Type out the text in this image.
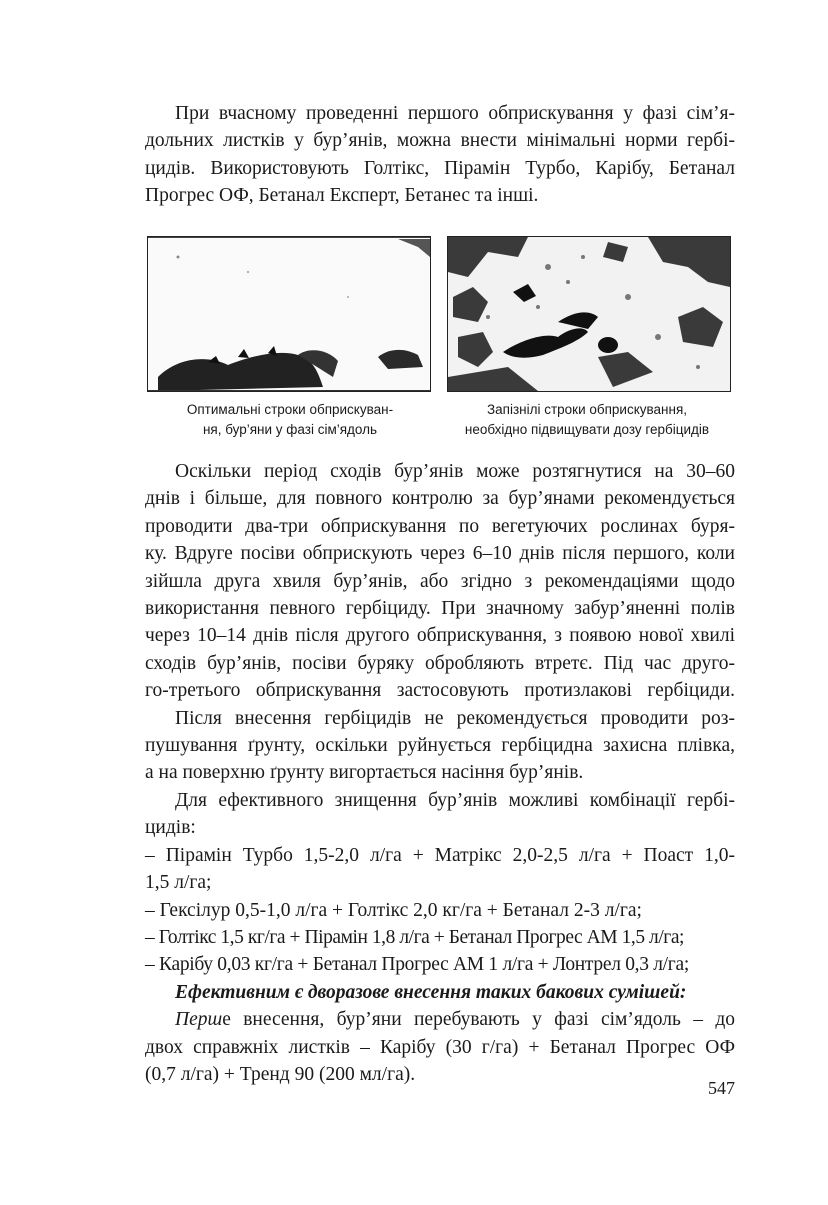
При вчасному проведенні першого обприскування у фазі сім’я-

дольних листків у бур’янів, можна внести мінімальні норми гербі-

цидів. Використовують Голтікс, Пірамін Турбо, Карібу, Бетанал

Прогрес ОФ, Бетанал Експерт, Бетанес та інші.

Оптимальні строки обприскуван-
ня, бур’яни у фазі сім’ядоль
Запізнілі строки обприскування,
необхідно підвищувати дозу гербіцидів

Оскільки період сходів бур’янів може розтягнутися на 30–60

днів і більше, для повного контролю за бур’янами рекомендується

проводити два-три обприскування по вегетуючих рослинах буря-

ку. Вдруге посіви обприскують через 6–10 днів після першого, коли

зійшла друга хвиля бур’янів, або згідно з рекомендаціями щодо

використання певного гербіциду. При значному забур’яненні полів

через 10–14 днів після другого обприскування, з появою нової хвилі

сходів бур’янів, посіви буряку обробляють втретє. Під час друго-

го-третього обприскування застосовують протизлакові гербіциди.

Після внесення гербіцидів не рекомендується проводити роз-

пушування ґрунту, оскільки руйнується гербіцидна захисна плівка,

а на поверхню ґрунту вигортається насіння бур’янів.

Для ефективного знищення бур’янів можливі комбінації гербі-

цидів:

– Пірамін Турбо 1,5-2,0 л/га + Матрікс 2,0-2,5 л/га + Поаст 1,0-

1,5 л/га;

– Гексілур 0,5-1,0 л/га + Голтікс 2,0 кг/га + Бетанал 2-3 л/га;

– Голтікс 1,5 кг/га + Пірамін 1,8 л/га + Бетанал Прогрес АМ 1,5 л/га;

– Карібу 0,03 кг/га + Бетанал Прогрес АМ 1 л/га + Лонтрел 0,3 л/га;

Ефективним є дворазове внесення таких бакових сумішей:

Перше внесення, бур’яни перебувають у фазі сім’ядоль – до

двох справжніх листків – Карібу (30 г/га) + Бетанал Прогрес ОФ

(0,7 л/га) + Тренд 90 (200 мл/га).

547
